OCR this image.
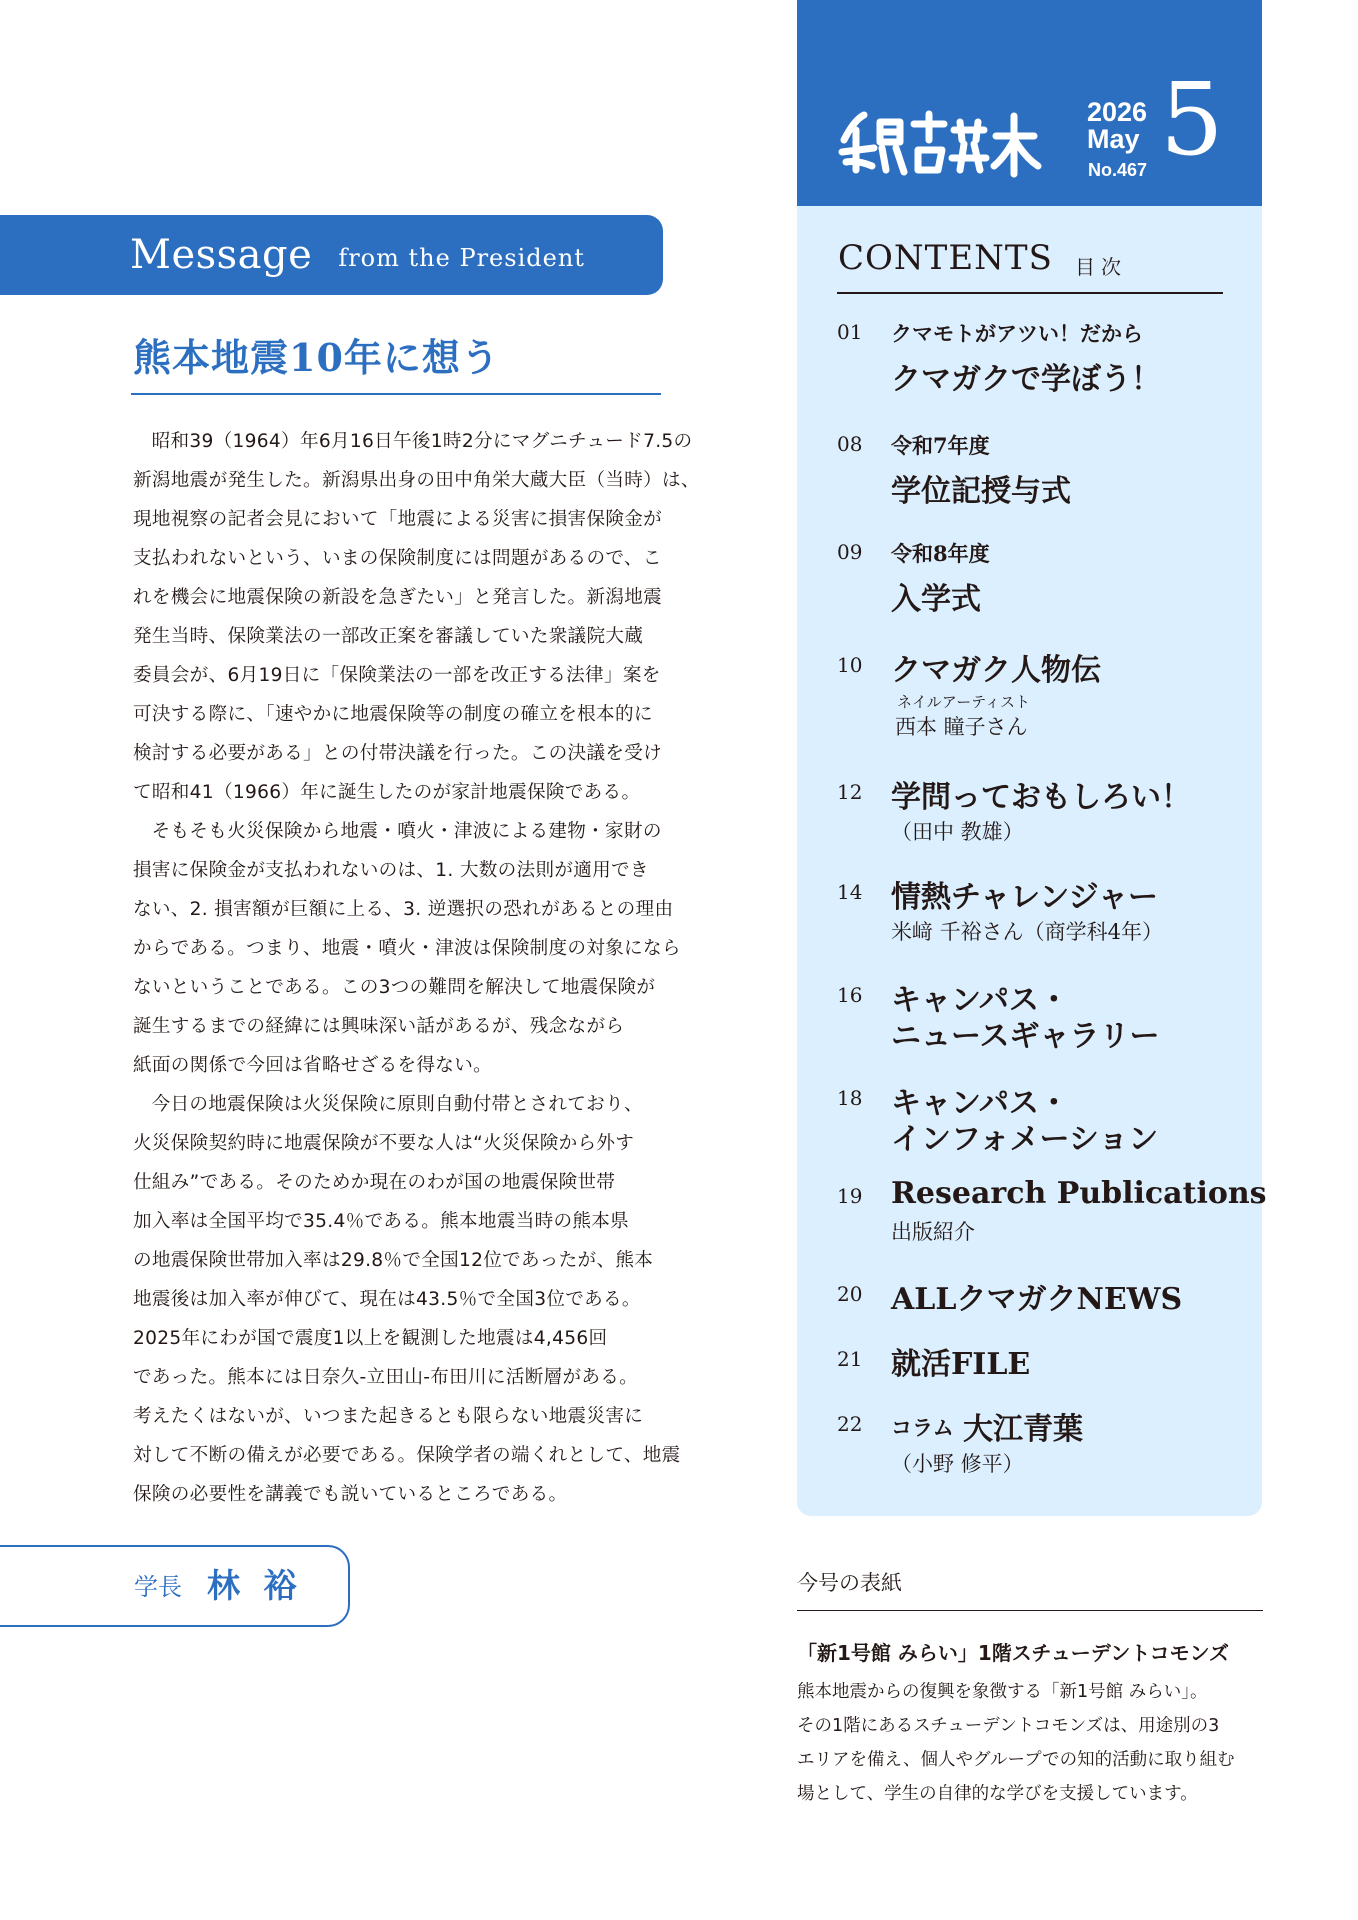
Message from the President
熊本地震10年に想う
昭和39（1964）年6月16日午後1時2分にマグニチュード7.5の
新潟地震が発生した。新潟県出身の田中角栄大蔵大臣（当時）は、
現地視察の記者会見において「地震による災害に損害保険金が
支払われないという、いまの保険制度には問題があるので、こ
れを機会に地震保険の新設を急ぎたい」と発言した。新潟地震
発生当時、保険業法の一部改正案を審議していた衆議院大蔵
委員会が、6月19日に「保険業法の一部を改正する法律」案を
可決する際に、「速やかに地震保険等の制度の確立を根本的に
検討する必要がある」との付帯決議を行った。この決議を受け
て昭和41（1966）年に誕生したのが家計地震保険である。
そもそも火災保険から地震・噴火・津波による建物・家財の
損害に保険金が支払われないのは、1. 大数の法則が適用でき
ない、2. 損害額が巨額に上る、3. 逆選択の恐れがあるとの理由
からである。つまり、地震・噴火・津波は保険制度の対象になら
ないということである。この3つの難問を解決して地震保険が
誕生するまでの経緯には興味深い話があるが、残念ながら
紙面の関係で今回は省略せざるを得ない。
今日の地震保険は火災保険に原則自動付帯とされており、
火災保険契約時に地震保険が不要な人は“火災保険から外す
仕組み”である。そのためか現在のわが国の地震保険世帯
加入率は全国平均で35.4％である。熊本地震当時の熊本県
の地震保険世帯加入率は29.8％で全国12位であったが、熊本
地震後は加入率が伸びて、現在は43.5％で全国3位である。
2025年にわが国で震度1以上を観測した地震は4,456回
であった。熊本には日奈久-立田山-布田川に活断層がある。
考えたくはないが、いつまた起きるとも限らない地震災害に
対して不断の備えが必要である。保険学者の端くれとして、地震
保険の必要性を講義でも説いているところである。
学長 林 裕
2026
May
No.467 5
CONTENTS 目次
01 クマモトがアツい！だから
クマガクで学ぼう！
08 令和7年度
学位記授与式
09 令和8年度
入学式
10 クマガク人物伝
ネイルアーティスト
西本 瞳子さん
12 学問っておもしろい！
（田中 教雄）
14 情熱チャレンジャー
米﨑 千裕さん（商学科4年）
16 キャンパス・
ニュースギャラリー
18 キャンパス・
インフォメーション
19 Research Publications
出版紹介
20 ALLクマガクNEWS
21 就活FILE
22 コラム 大江青葉
（小野 修平）
今号の表紙
「新1号館 みらい」1階スチューデントコモンズ
熊本地震からの復興を象徴する「新1号館 みらい」。
その1階にあるスチューデントコモンズは、用途別の3
エリアを備え、個人やグループでの知的活動に取り組む
場として、学生の自律的な学びを支援しています。
